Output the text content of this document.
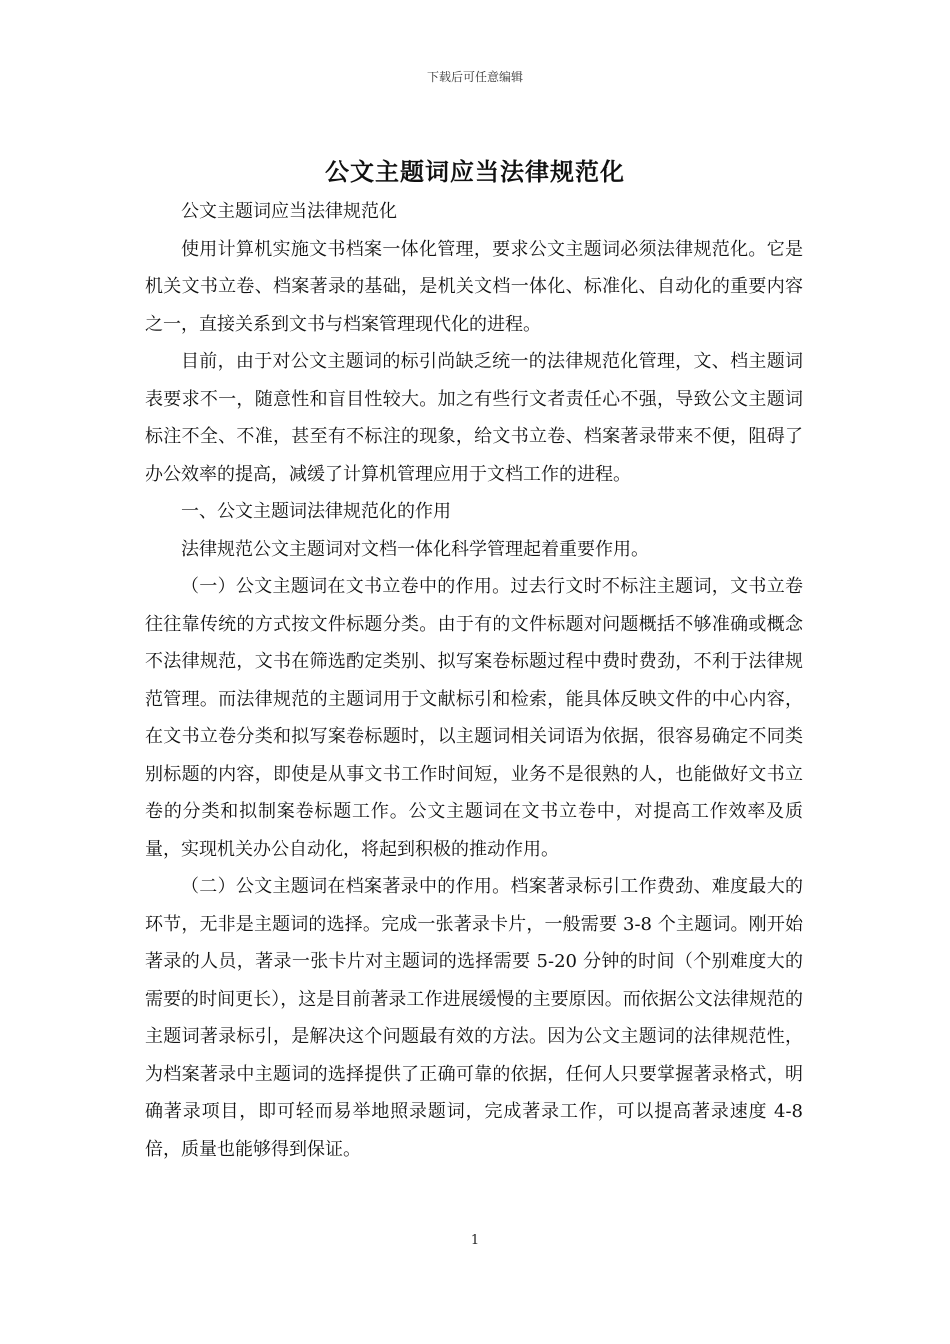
下载后可任意编辑
公文主题词应当法律规范化

公文主题词应当法律规范化

使用计算机实施文书档案一体化管理，要求公文主题词必须法律规范化。它是机关文书立卷、档案著录的基础，是机关文档一体化、标准化、自动化的重要内容之一，直接关系到文书与档案管理现代化的进程。

目前，由于对公文主题词的标引尚缺乏统一的法律规范化管理，文、档主题词表要求不一，随意性和盲目性较大。加之有些行文者责任心不强，导致公文主题词标注不全、不准，甚至有不标注的现象，给文书立卷、档案著录带来不便，阻碍了办公效率的提高，减缓了计算机管理应用于文档工作的进程。

一、公文主题词法律规范化的作用

法律规范公文主题词对文档一体化科学管理起着重要作用。

（一）公文主题词在文书立卷中的作用。过去行文时不标注主题词，文书立卷往往靠传统的方式按文件标题分类。由于有的文件标题对问题概括不够准确或概念不法律规范，文书在筛选酌定类别、拟写案卷标题过程中费时费劲，不利于法律规范管理。而法律规范的主题词用于文献标引和检索，能具体反映文件的中心内容，在文书立卷分类和拟写案卷标题时，以主题词相关词语为依据，很容易确定不同类别标题的内容，即使是从事文书工作时间短，业务不是很熟的人，也能做好文书立卷的分类和拟制案卷标题工作。公文主题词在文书立卷中，对提高工作效率及质量，实现机关办公自动化，将起到积极的推动作用。

（二）公文主题词在档案著录中的作用。档案著录标引工作费劲、难度最大的环节，无非是主题词的选择。完成一张著录卡片，一般需要 3-8 个主题词。刚开始著录的人员，著录一张卡片对主题词的选择需要 5-20 分钟的时间（个别难度大的需要的时间更长），这是目前著录工作进展缓慢的主要原因。而依据公文法律规范的主题词著录标引，是解决这个问题最有效的方法。因为公文主题词的法律规范性，为档案著录中主题词的选择提供了正确可靠的依据，任何人只要掌握著录格式，明确著录项目，即可轻而易举地照录题词，完成著录工作，可以提高著录速度 4-8 倍，质量也能够得到保证。

1
